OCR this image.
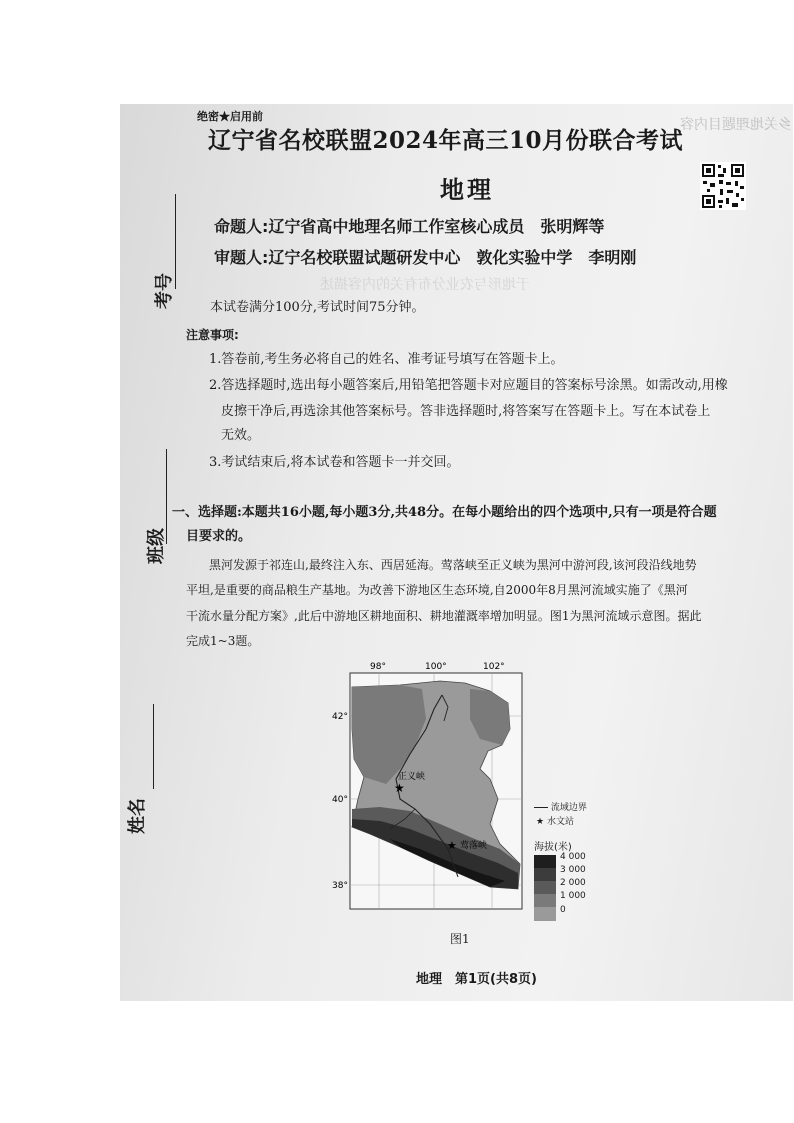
乡关地理题目内容
于地形与农业分布有关的内容描述
绝密★启用前
辽宁省名校联盟2024年高三10月份联合考试
地理
命题人:辽宁省高中地理名师工作室核心成员　张明辉等
审题人:辽宁名校联盟试题研发中心　敦化实验中学　李明刚
考号
班级
姓名
本试卷满分100分,考试时间75分钟。
注意事项:
1.答卷前,考生务必将自己的姓名、准考证号填写在答题卡上。
2.答选择题时,选出每小题答案后,用铅笔把答题卡对应题目的答案标号涂黑。如需改动,用橡
皮擦干净后,再选涂其他答案标号。答非选择题时,将答案写在答题卡上。写在本试卷上
无效。
3.考试结束后,将本试卷和答题卡一并交回。
一、选择题:本题共16小题,每小题3分,共48分。在每小题给出的四个选项中,只有一项是符合题
目要求的。
黑河发源于祁连山,最终注入东、西居延海。莺落峡至正义峡为黑河中游河段,该河段沿线地势
平坦,是重要的商品粮生产基地。为改善下游地区生态环境,自2000年8月黑河流域实施了《黑河
干流水量分配方案》,此后中游地区耕地面积、耕地灌溉率增加明显。图1为黑河流域示意图。据此
完成1~3题。
★
正义峡
莺落峡
★
98°	100°	102°
42°
40°
38°
流域边界
★ 水文站
海拔(米)
4 000
3 000
2 000
1 000
0
图1
地理　第1页(共8页)
